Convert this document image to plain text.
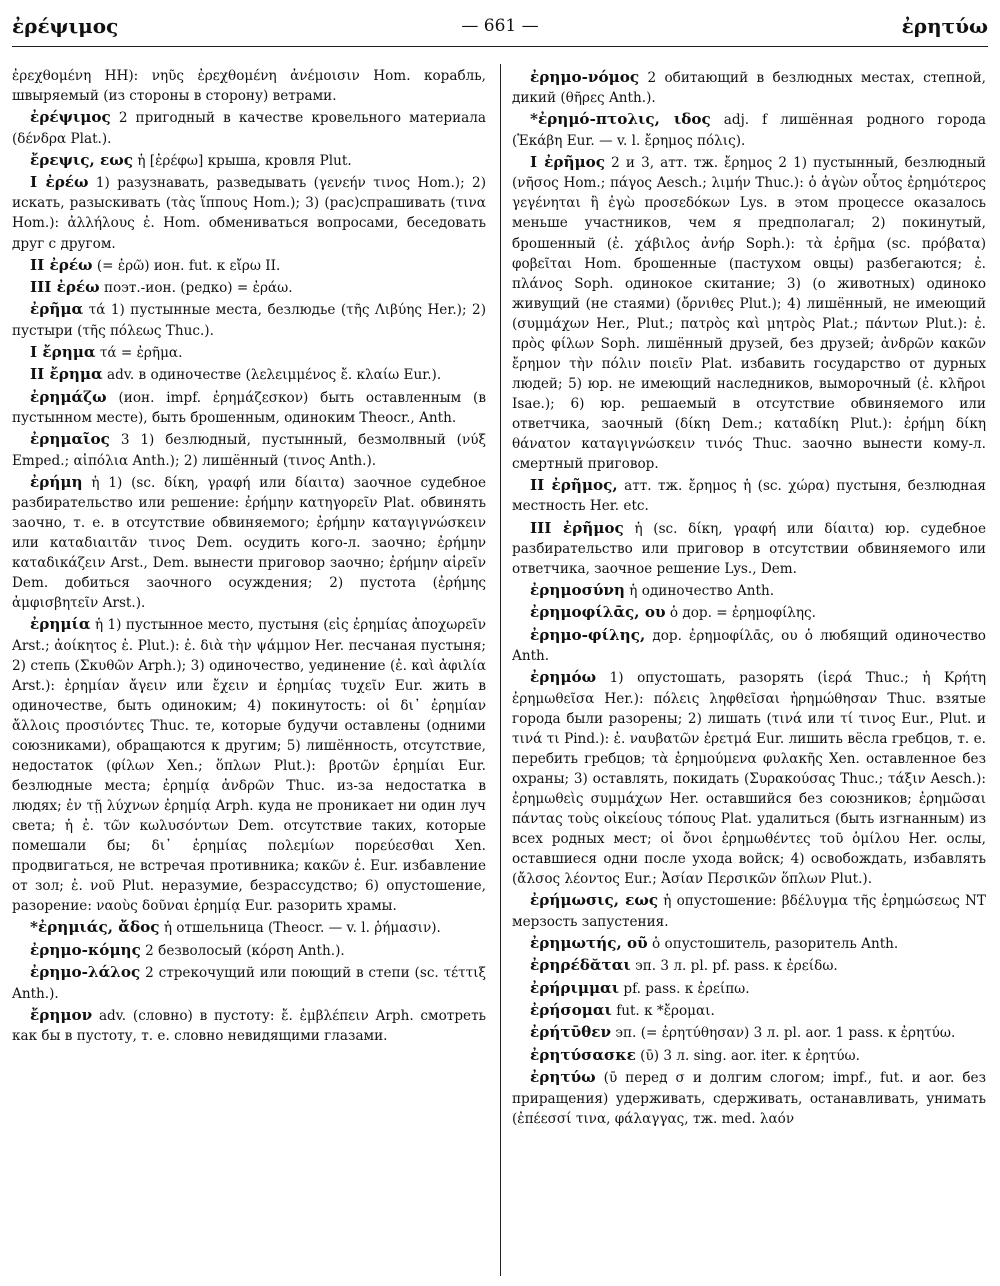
ἐρέψιμος	— 661 —	ἐρητύω

ἐρεχθομένη HH): νηῦς ἐρεχθομένη ἀνέμοισιν Hom. корабль, швыряемый (из стороны в сторону) ветрами.

ἐρέψιμος 2 пригодный в качестве кровельного материала (δένδρα Plat.).

ἔρεψις, εως ἡ [ἐρέφω] крыша, кровля Plut.

I ἐρέω 1) разузнавать, разведывать (γενεήν τινος Hom.); 2) искать, разыскивать (τὰς ἵππους Hom.); 3) (рас)спрашивать (τινα Hom.): ἀλλήλους ἐ. Hom. обмениваться вопросами, беседовать друг с другом.

II ἐρέω (= ἐρῶ) ион. fut. к εἴρω II.

III ἐρέω поэт.-ион. (редко) = ἐράω.

ἐρῆμα τά 1) пустынные места, безлюдье (τῆς Λιβύης Her.); 2) пустыри (τῆς πόλεως Thuc.).

I ἔρημα τά = ἐρῆμα.

II ἔρημα adv. в одиночестве (λελειμμένος ἔ. κλαίω Eur.).

ἐρημάζω (ион. impf. ἐρημάζεσκον) быть оставленным (в пустынном месте), быть брошенным, одиноким Theocr., Anth.

ἐρημαῖος 3 1) безлюдный, пустынный, безмолвный (νύξ Emped.; αἰπόλια Anth.); 2) лишённый (τινος Anth.).

ἐρήμη ἡ 1) (sc. δίκη, γραφή или δίαιτα) заочное судебное разбирательство или решение: ἐρήμην κατηγορεῖν Plat. обвинять заочно, т. е. в отсутствие обвиняемого; ἐρήμην καταγιγνώσκειν или καταδιαιτᾶν τινος Dem. осудить кого-л. заочно; ἐρήμην καταδικάζειν Arst., Dem. вынести приговор заочно; ἐρήμην αἱρεῖν Dem. добиться заочного осуждения; 2) пустота (ἐρήμης ἀμφισβητεῖν Arst.).

ἐρημία ἡ 1) пустынное место, пустыня (εἰς ἐρημίας ἀποχωρεῖν Arst.; ἀοίκητος ἐ. Plut.): ἐ. διὰ τὴν ψάμμον Her. песчаная пустыня; 2) степь (Σκυθῶν Arph.); 3) одиночество, уединение (ἐ. καὶ ἀφιλία Arst.): ἐρημίαν ἄγειν или ἔχειν и ἐρημίας τυχεῖν Eur. жить в одиночестве, быть одиноким; 4) покинутость: οἱ δι᾿ ἐρημίαν ἄλλοις προσιόντες Thuc. те, которые будучи оставлены (одними союзниками), обращаются к другим; 5) лишённость, отсутствие, недостаток (φίλων Xen.; ὅπλων Plut.): βροτῶν ἐρημίαι Eur. безлюдные места; ἐρημίᾳ ἀνδρῶν Thuc. из-за недостатка в людях; ἐν τῇ λύχνων ἐρημίᾳ Arph. куда не проникает ни один луч света; ἡ ἐ. τῶν κωλυσόντων Dem. отсутствие таких, которые помешали бы; δι᾿ ἐρημίας πολεμίων πορεύεσθαι Xen. продвигаться, не встречая противника; κακῶν ἐ. Eur. избавление от зол; ἐ. νοῦ Plut. неразумие, безрассудство; 6) опустошение, разорение: ναοὺς δοῦναι ἐρημίᾳ Eur. разорить храмы.

*ἐρημιάς, ἄδος ἡ отшельница (Theocr. — v. l. ῥήμασιν).

ἐρημο-κόμης 2 безволосый (κόρση Anth.).

ἐρημο-λάλος 2 стрекочущий или поющий в степи (sc. τέττιξ Anth.).

ἔρημον adv. (словно) в пустоту: ἔ. ἐμβλέπειν Arph. смотреть как бы в пустоту, т. е. словно невидящими глазами.

ἐρημο-νόμος 2 обитающий в безлюдных местах, степной, дикий (θῆρες Anth.).

*ἐρημό-πτολις, ιδος adj. f лишённая родного города (Ἑκάβη Eur. — v. l. ἔρημος πόλις).

I ἐρῆμος 2 и 3, атт. тж. ἔρημος 2 1) пустынный, безлюдный (νῆσος Hom.; πάγος Aesch.; λιμήν Thuc.): ὁ ἀγὼν οὗτος ἐρημότερος γεγένηται ἢ ἐγὼ προσεδόκων Lys. в этом процессе оказалось меньше участников, чем я предполагал; 2) покинутый, брошенный (ἐ. χάβιλος ἀνήρ Soph.): τὰ ἐρῆμα (sc. πρόβατα) φοβεῖται Hom. брошенные (пастухом овцы) разбегаются; ἐ. πλάνος Soph. одинокое скитание; 3) (о животных) одиноко живущий (не стаями) (ὄρνιθες Plut.); 4) лишённый, не имеющий (συμμάχων Her., Plut.; πατρὸς καὶ μητρὸς Plat.; πάντων Plut.): ἐ. πρὸς φίλων Soph. лишённый друзей, без друзей; ἀνδρῶν κακῶν ἔρημον τὴν πόλιν ποιεῖν Plat. избавить государство от дурных людей; 5) юр. не имеющий наследников, выморочный (ἐ. κλῆροι Isae.); 6) юр. решаемый в отсутствие обвиняемого или ответчика, заочный (δίκη Dem.; καταδίκη Plut.): ἐρήμη δίκη θάνατον καταγιγνώσκειν τινός Thuc. заочно вынести кому-л. смертный приговор.

II ἐρῆμος, атт. тж. ἔρημος ἡ (sc. χώρα) пустыня, безлюдная местность Her. etc.

III ἐρῆμος ἡ (sc. δίκη, γραφή или δίαιτα) юр. судебное разбирательство или приговор в отсутствии обвиняемого или ответчика, заочное решение Lys., Dem.

ἐρημοσύνη ἡ одиночество Anth.

ἐρημοφίλᾱς, ου ὁ дор. = ἐρημοφίλης.

ἐρημο-φίλης, дор. ἐρημοφίλᾱς, ου ὁ любящий одиночество Anth.

ἐρημόω 1) опустошать, разорять (ἱερά Thuc.; ἡ Κρήτη ἐρημωθεῖσα Her.): πόλεις ληφθεῖσαι ἠρημώθησαν Thuc. взятые города были разорены; 2) лишать (τινά или τί τινος Eur., Plut. и τινά τι Pind.): ἐ. ναυβατῶν ἐρετμά Eur. лишить вёсла гребцов, т. е. перебить гребцов; τὰ ἐρημούμενα φυλακῆς Xen. оставленное без охраны; 3) оставлять, покидать (Συρακούσας Thuc.; τάξιν Aesch.): ἐρημωθεὶς συμμάχων Her. оставшийся без союзников; ἐρημῶσαι πάντας τοὺς οἰκείους τόπους Plat. удалиться (быть изгнанным) из всех родных мест; οἱ ὄνοι ἐρημωθέντες τοῦ ὁμίλου Her. ослы, оставшиеся одни после ухода войск; 4) освобождать, избавлять (ἄλσος λέοντος Eur.; Ἀσίαν Περσικῶν ὅπλων Plut.).

ἐρήμωσις, εως ἡ опустошение: βδέλυγμα τῆς ἐρημώσεως NT мерзость запустения.

ἐρημωτής, οῦ ὁ опустошитель, разоритель Anth.

ἐρηρέδᾰται эп. 3 л. pl. pf. pass. к ἐρείδω.

ἐρήριμμαι pf. pass. к ἐρείπω.

ἐρήσομαι fut. к *ἔρομαι.

ἐρήτῡθεν эп. (= ἐρητύθησαν) 3 л. pl. aor. 1 pass. к ἐρητύω.

ἐρητύσασκε (ῡ) 3 л. sing. aor. iter. к ἐρητύω.

ἐρητύω (ῡ перед σ и долгим слогом; impf., fut. и aor. без приращения) удерживать, сдерживать, останавливать, унимать (ἐπέεσσί τινα, φάλαγγας, тж. med. λαόν
